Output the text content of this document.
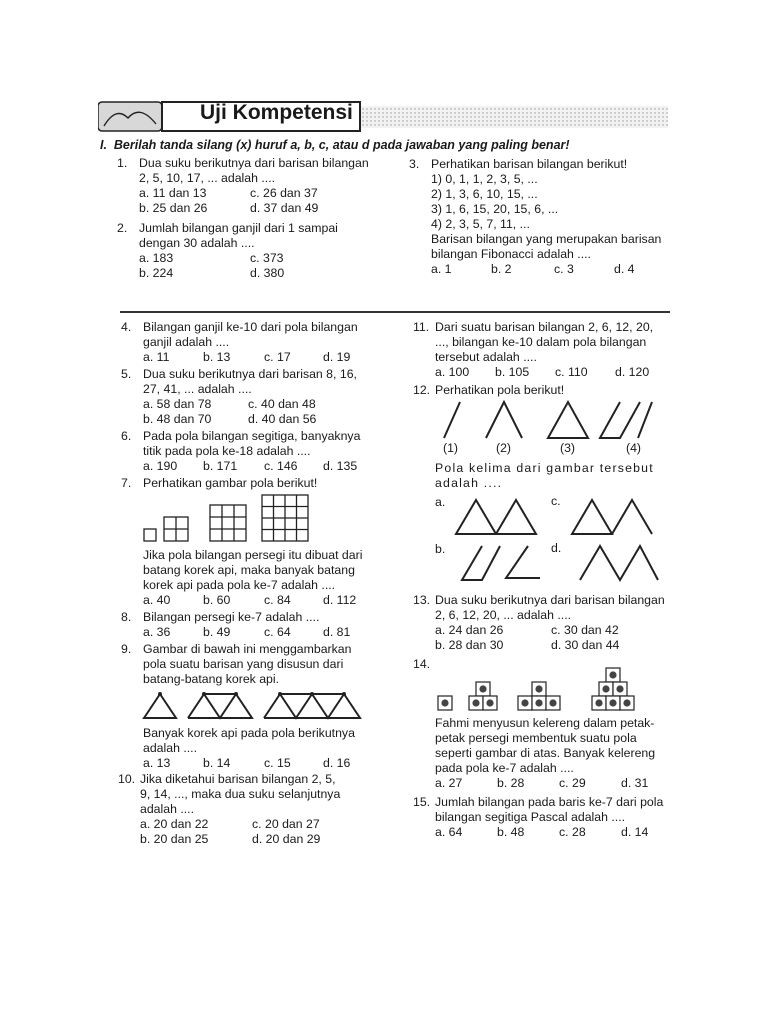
Uji Kompetensi
I. Berilah tanda silang (x) huruf a, b, c, atau d pada jawaban yang paling benar!
1. Dua suku berikutnya dari barisan bilangan
2, 5, 10, 17, ... adalah ....
a. 11 dan 13	c. 26 dan 37
b. 25 dan 26	d. 37 dan 49
2. Jumlah bilangan ganjil dari 1 sampai
dengan 30 adalah ....
a. 183	c. 373
b. 224	d. 380
3. Perhatikan barisan bilangan berikut!
1) 0, 1, 1, 2, 3, 5, ...
2) 1, 3, 6, 10, 15, ...
3) 1, 6, 15, 20, 15, 6, ...
4) 2, 3, 5, 7, 11, ...
Barisan bilangan yang merupakan barisan
bilangan Fibonacci adalah ....
a. 1	b. 2	c. 3	d. 4
4. Bilangan ganjil ke-10 dari pola bilangan
ganjil adalah ....
a. 11	b. 13	c. 17	d. 19
5. Dua suku berikutnya dari barisan 8, 16,
27, 41, ... adalah ....
a. 58 dan 78	c. 40 dan 48
b. 48 dan 70	d. 40 dan 56
6. Pada pola bilangan segitiga, banyaknya
titik pada pola ke-18 adalah ....
a. 190 b. 171 c. 146 d. 135
7. Perhatikan gambar pola berikut!
Jika pola bilangan persegi itu dibuat dari
batang korek api, maka banyak batang
korek api pada pola ke-7 adalah ....
a. 40	b. 60	c. 84	d. 112
8. Bilangan persegi ke-7 adalah ....
a. 36	b. 49	c. 64	d. 81
9. Gambar di bawah ini menggambarkan
pola suatu barisan yang disusun dari
batang-batang korek api.
Banyak korek api pada pola berikutnya
adalah ....
a. 13	b. 14	c. 15	d. 16
10. Jika diketahui barisan bilangan 2, 5,
9, 14, ..., maka dua suku selanjutnya
adalah ....
a. 20 dan 22	c. 20 dan 27
b. 20 dan 25	d. 20 dan 29
11. Dari suatu barisan bilangan 2, 6, 12, 20,
..., bilangan ke-10 dalam pola bilangan
tersebut adalah ....
a. 100 b. 105 c. 110 d. 120
12. Perhatikan pola berikut!
(1)	(2)	(3)	(4)
Pola kelima dari gambar tersebut
adalah ....
a.	c.
b.	d.
13. Dua suku berikutnya dari barisan bilangan
2, 6, 12, 20, ... adalah ....
a. 24 dan 26	c. 30 dan 42
b. 28 dan 30	d. 30 dan 44
14.
Fahmi menyusun kelereng dalam petak-
petak persegi membentuk suatu pola
seperti gambar di atas. Banyak kelereng
pada pola ke-7 adalah ....
a. 27	b. 28	c. 29	d. 31
15. Jumlah bilangan pada baris ke-7 dari pola
bilangan segitiga Pascal adalah ....
a. 64	b. 48	c. 28	d. 14
